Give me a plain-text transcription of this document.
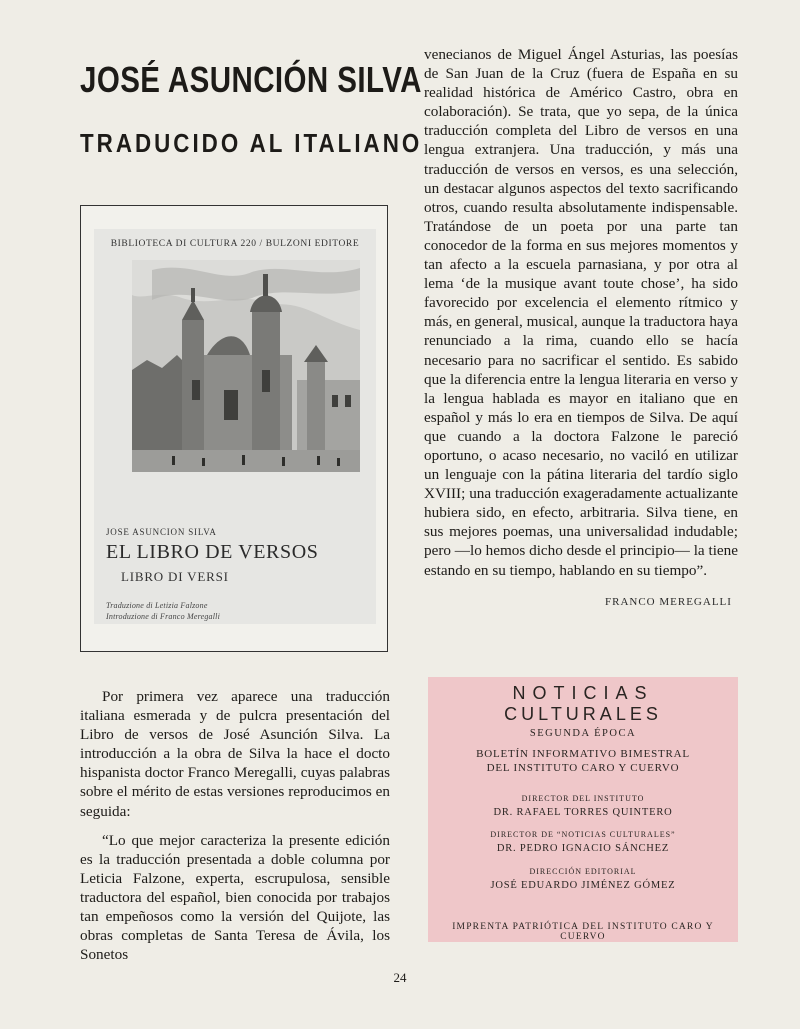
JOSÉ ASUNCIÓN SILVA
TRADUCIDO AL ITALIANO
BIBLIOTECA DI CULTURA 220 / BULZONI EDITORE
JOSE ASUNCION SILVA
EL LIBRO DE VERSOS
LIBRO DI VERSI
Traduzione di Letizia Falzone
Introduzione di Franco Meregalli

venecianos de Miguel Ángel Asturias, las poesías de San Juan de la Cruz (fuera de España en su realidad histórica de Américo Castro, obra en colaboración). Se trata, que yo sepa, de la única traducción completa del Libro de versos en una lengua extranjera. Una traducción, y más una traducción de versos en versos, es una selección, un destacar algunos aspectos del texto sacrificando otros, cuando resulta absolutamente indispensable. Tratándose de un poeta por una parte tan conocedor de la forma en sus mejores momentos y tan afecto a la escuela parnasiana, y por otra al lema ‘de la musique avant toute chose’, ha sido favorecido por excelencia el elemento rítmico y más, en general, musical, aunque la traductora haya renunciado a la rima, cuando ello se hacía necesario para no sacrificar el sentido. Es sabido que la diferencia entre la lengua literaria en verso y la lengua hablada es mayor en italiano que en español y más lo era en tiempos de Silva. De aquí que cuando a la doctora Falzone le pareció oportuno, o acaso necesario, no vaciló en utilizar un lenguaje con la pátina literaria del tardío siglo XVIII; una traducción exageradamente actualizante hubiera sido, en efecto, arbitraria. Silva tiene, en sus mejores poemas, una universalidad indudable; pero —lo hemos dicho desde el principio— la tiene estando en su tiempo, hablando en su tiempo”.

FRANCO MEREGALLI

Por primera vez aparece una traducción italiana esmerada y de pulcra presentación del Libro de versos de José Asunción Silva. La introducción a la obra de Silva la hace el docto hispanista doctor Franco Meregalli, cuyas palabras sobre el mérito de estas versiones reproducimos en seguida:

“Lo que mejor caracteriza la presente edición es la traducción presentada a doble columna por Leticia Falzone, experta, escrupulosa, sensible traductora del español, bien conocida por trabajos tan empeñosos como la versión del Quijote, las obras completas de Santa Teresa de Ávila, los Sonetos

NOTICIAS
CULTURALES
SEGUNDA ÉPOCA
BOLETÍN INFORMATIVO BIMESTRAL
DEL INSTITUTO CARO Y CUERVO
DIRECTOR DEL INSTITUTO
DR. RAFAEL TORRES QUINTERO
DIRECTOR DE “NOTICIAS CULTURALES”
DR. PEDRO IGNACIO SÁNCHEZ
DIRECCIÓN EDITORIAL
JOSÉ EDUARDO JIMÉNEZ GÓMEZ
IMPRENTA PATRIÓTICA DEL INSTITUTO CARO Y CUERVO
24
